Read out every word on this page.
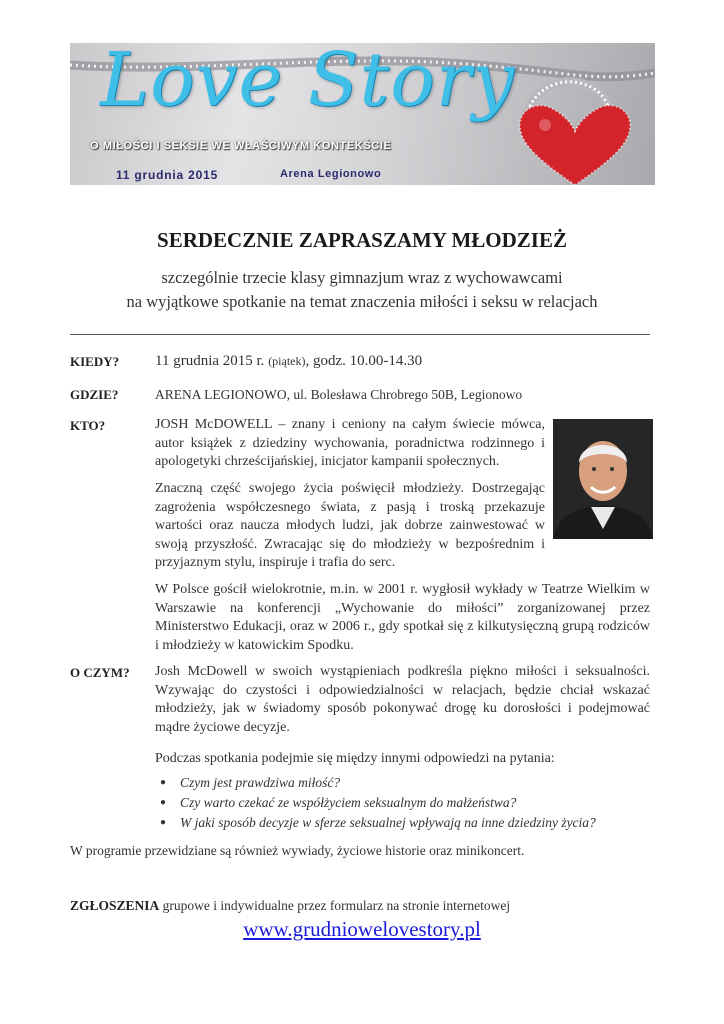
Love Story
O MIŁOŚCI I SEKSIE WE WŁAŚCIWYM KONTEKŚCIE
11 grudnia 2015	Arena Legionowo
SERDECZNIE ZAPRASZAMY MŁODZIEŻ
szczególnie trzecie klasy gimnazjum wraz z wychowawcami
na wyjątkowe spotkanie na temat znaczenia miłości i seksu w relacjach
KIEDY? 11 grudnia 2015 r. (piątek), godz. 10.00-14.30
GDZIE?	ARENA LEGIONOWO, ul. Bolesława Chrobrego 50B, Legionowo
KTO?	JOSH McDOWELL – znany i ceniony na całym świecie mówca, autor książek z dziedziny wychowania, poradnictwa rodzinnego i apologetyki chrześcijańskiej, inicjator kampanii społecznych.
Znaczną część swojego życia poświęcił młodzieży. Dostrzegając zagrożenia współczesnego świata, z pasją i troską przekazuje wartości oraz naucza młodych ludzi, jak dobrze zainwestować w swoją przyszłość. Zwracając się do młodzieży w bezpośrednim i przyjaznym stylu, inspiruje i trafia do serc.
W Polsce gościł wielokrotnie, m.in. w 2001 r. wygłosił wykłady w Teatrze Wielkim w Warszawie na konferencji „Wychowanie do miłości” zorganizowanej przez Ministerstwo Edukacji, oraz w 2006 r., gdy spotkał się z kilkutysięczną grupą rodziców i młodzieży w katowickim Spodku.
O CZYM? Josh McDowell w swoich wystąpieniach podkreśla piękno miłości i seksualności. Wzywając do czystości i odpowiedzialności w relacjach, będzie chciał wskazać młodzieży, jak w świadomy sposób pokonywać drogę ku dorosłości i podejmować mądre życiowe decyzje.
Podczas spotkania podejmie się między innymi odpowiedzi na pytania:
●	Czym jest prawdziwa miłość?
●	Czy warto czekać ze współżyciem seksualnym do małżeństwa?
●	W jaki sposób decyzje w sferze seksualnej wpływają na inne dziedziny życia?
W programie przewidziane są również wywiady, życiowe historie oraz minikoncert.
ZGŁOSZENIA grupowe i indywidualne przez formularz na stronie internetowej
www.grudniowelovestory.pl
